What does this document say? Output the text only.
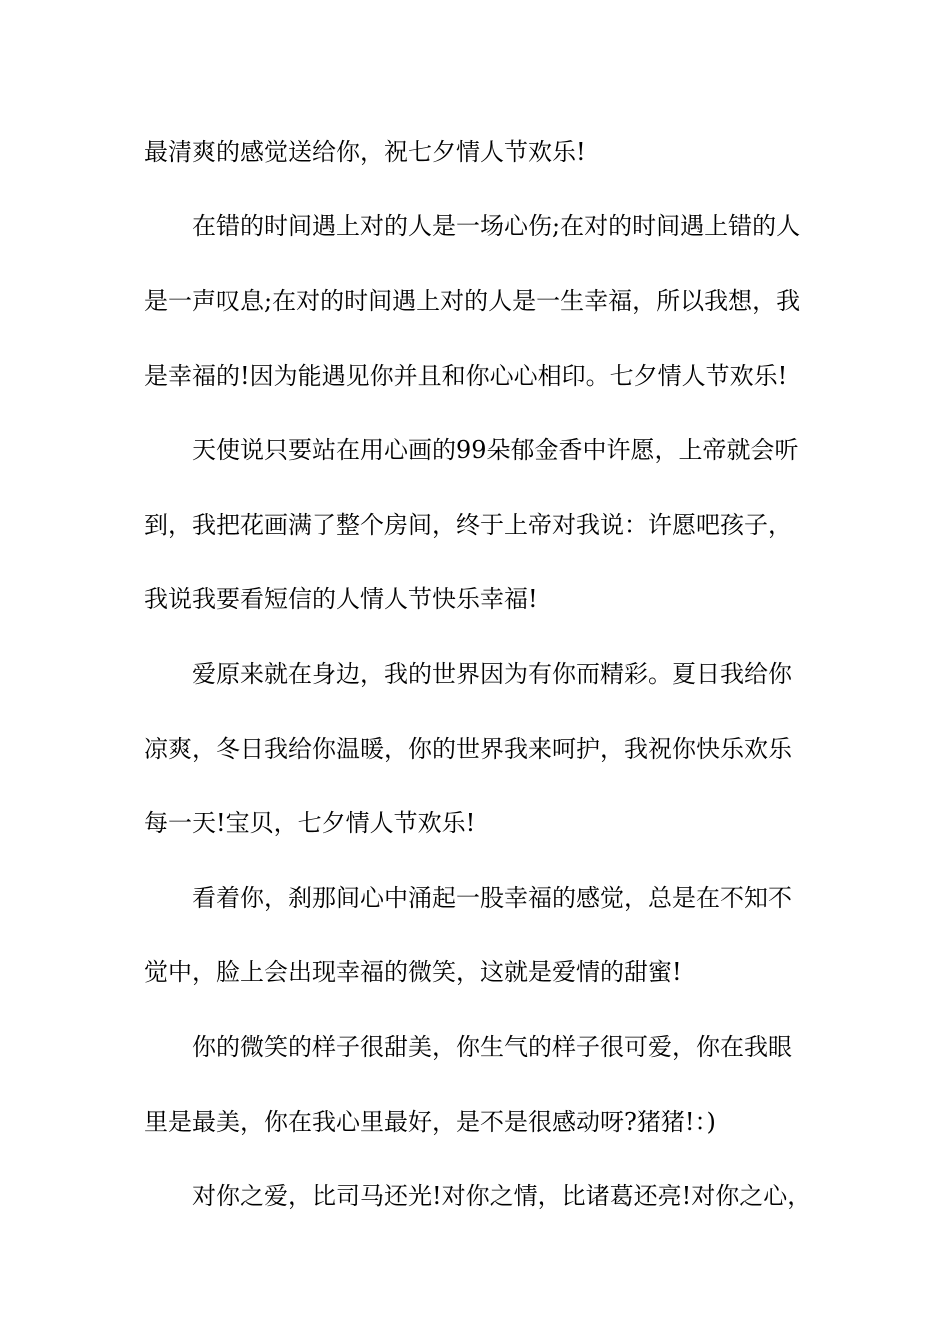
最清爽的感觉送给你，祝七夕情人节欢乐!
在错的时间遇上对的人是一场心伤;在对的时间遇上错的人
是一声叹息;在对的时间遇上对的人是一生幸福，所以我想，我
是幸福的!因为能遇见你并且和你心心相印。七夕情人节欢乐!
天使说只要站在用心画的99朵郁金香中许愿，上帝就会听
到，我把花画满了整个房间，终于上帝对我说：许愿吧孩子，
我说我要看短信的人情人节快乐幸福!
爱原来就在身边，我的世界因为有你而精彩。夏日我给你
凉爽，冬日我给你温暖，你的世界我来呵护，我祝你快乐欢乐
每一天!宝贝，七夕情人节欢乐!
看着你，刹那间心中涌起一股幸福的感觉，总是在不知不
觉中，脸上会出现幸福的微笑，这就是爱情的甜蜜!
你的微笑的样子很甜美，你生气的样子很可爱，你在我眼
里是最美，你在我心里最好，是不是很感动呀?猪猪!：)
对你之爱，比司马还光!对你之情，比诸葛还亮!对你之心，
